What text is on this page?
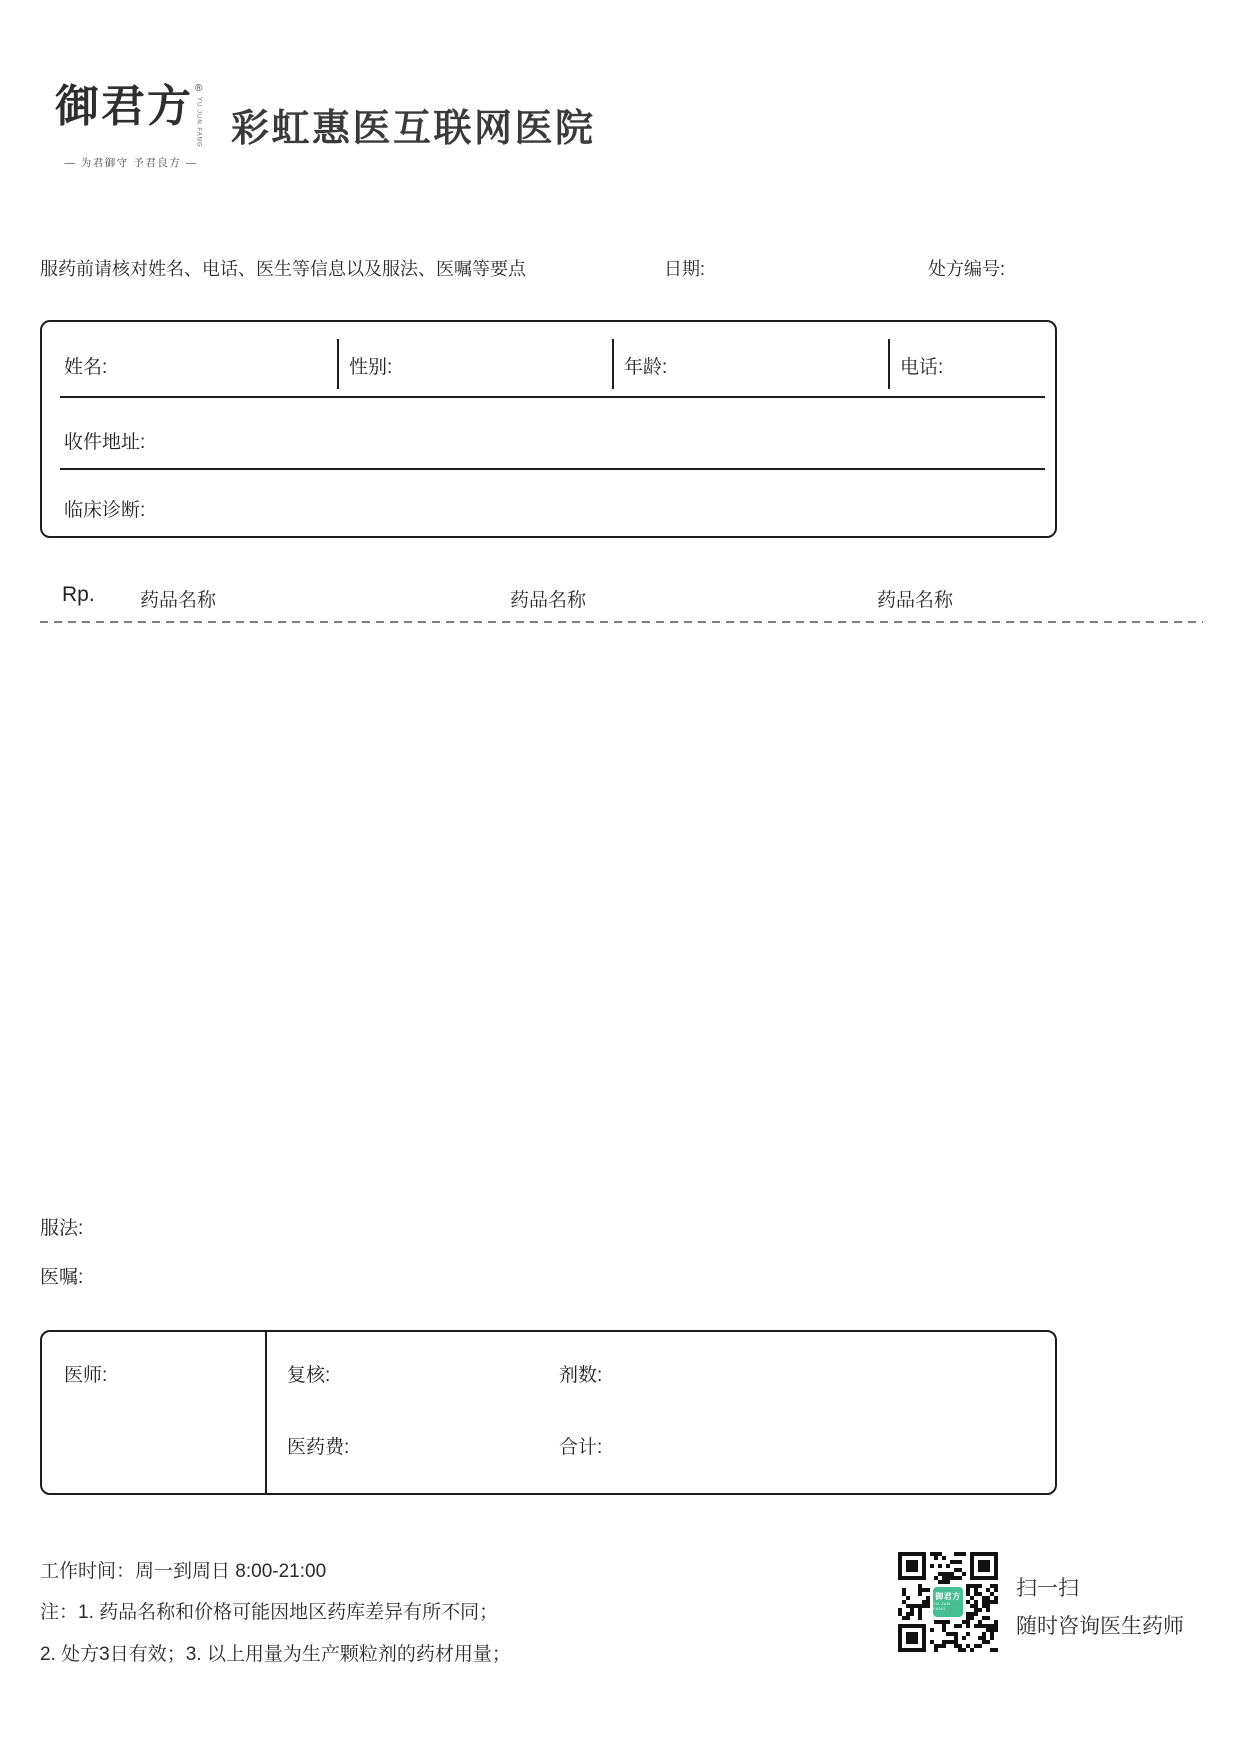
御君方 ®
YU JUN FANG
— 为君御守 予君良方 —
彩虹惠医互联网医院
服药前请核对姓名、电话、医生等信息以及服法、医嘱等要点	日期:	处方编号:
姓名:	性别:	年龄:	电话:
收件地址:
临床诊断:
Rp. 药品名称	药品名称	药品名称
服法:
医嘱:
医师:	复核:	剂数:
医药费:	合计:
工作时间：周一到周日 8:00-21:00
注：1. 药品名称和价格可能因地区药库差异有所不同；
2. 处方3日有效；3. 以上用量为生产颗粒剂的药材用量；
御君方
YU JUN FANG
扫一扫
随时咨询医生药师
